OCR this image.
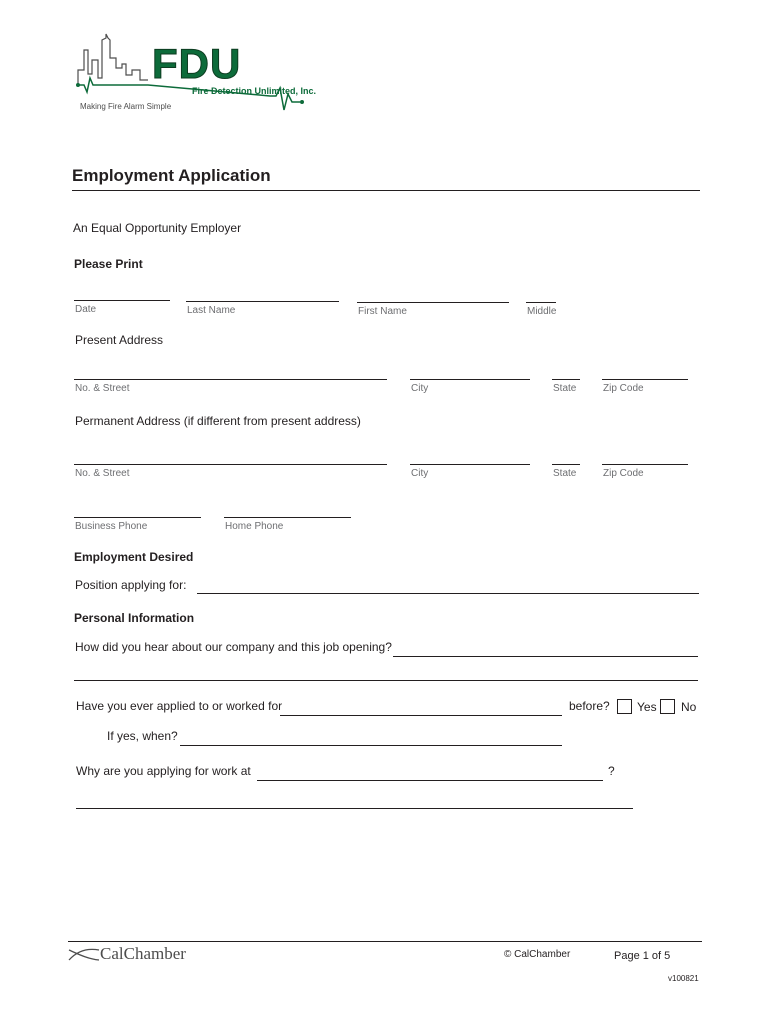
FDU
Fire Detection Unlimited, Inc.
Making Fire Alarm Simple
Employment Application
An Equal Opportunity Employer
Please Print
Date	Last Name	First Name	Middle
Present Address
No. & Street	City	State	Zip Code
Permanent Address (if different from present address)
No. & Street	City	State	Zip Code
Business Phone	Home Phone
Employment Desired
Position applying for:
Personal Information
How did you hear about our company and this job opening?
Have you ever applied to or worked for	before? Yes No
If yes, when?
Why are you applying for work at	?
CalChamber	© CalChamber	Page 1 of 5
v100821
